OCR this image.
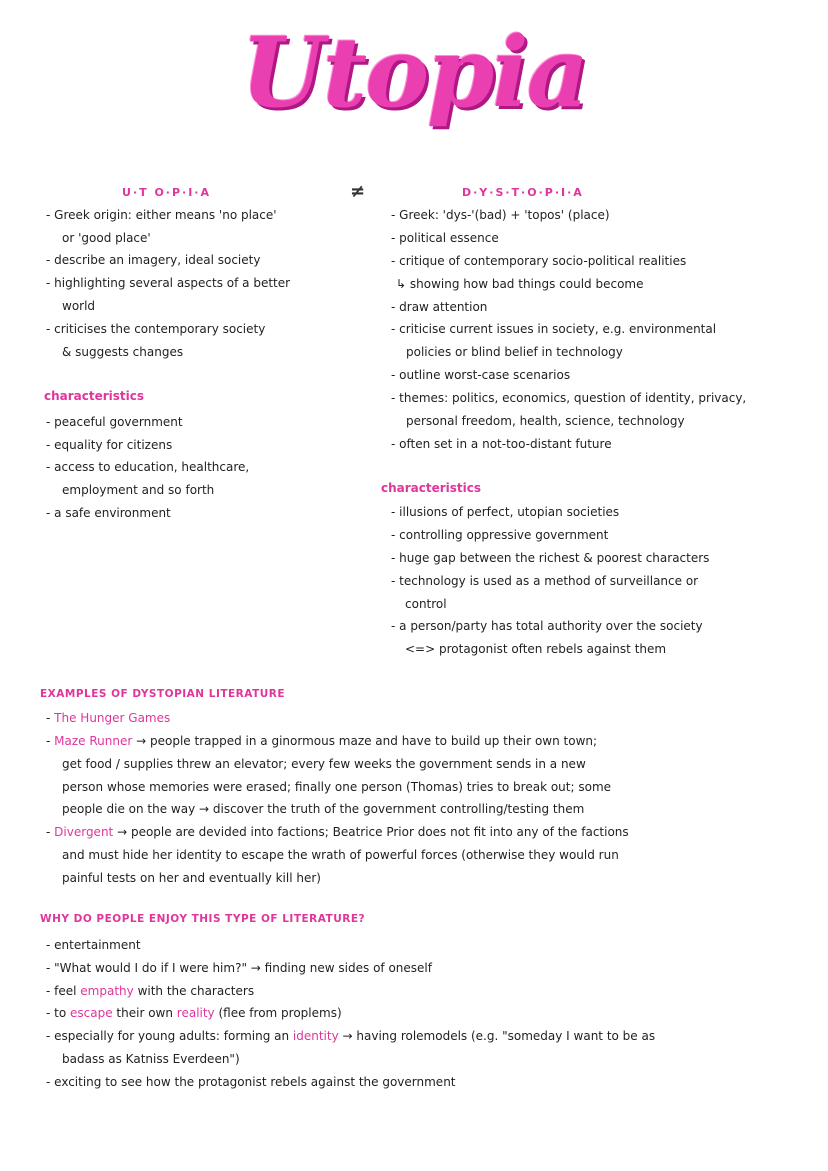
Utopia
≠
U·T O·P·I·A
- Greek origin: either means 'no place'
or 'good place'
- describe an imagery, ideal society
- highlighting several aspects of a better
world
- criticises the contemporary society
& suggests changes
characteristics
- peaceful government
- equality for citizens
- access to education, healthcare,
employment and so forth
- a safe environment
D·Y·S·T·O·P·I·A
- Greek: 'dys-'(bad) + 'topos' (place)
- political essence
- critique of contemporary socio-political realities
↳ showing how bad things could become
- draw attention
- criticise current issues in society, e.g. environmental
policies or blind belief in technology
- outline worst-case scenarios
- themes: politics, economics, question of identity, privacy,
personal freedom, health, science, technology
- often set in a not-too-distant future
characteristics
- illusions of perfect, utopian societies
- controlling oppressive government
- huge gap between the richest & poorest characters
- technology is used as a method of surveillance or
control
- a person/party has total authority over the society
<=> protagonist often rebels against them
EXAMPLES OF DYSTOPIAN LITERATURE
- The Hunger Games
- Maze Runner → people trapped in a ginormous maze and have to build up their own town;
get food / supplies threw an elevator; every few weeks the government sends in a new
person whose memories were erased; finally one person (Thomas) tries to break out; some
people die on the way → discover the truth of the government controlling/testing them
- Divergent → people are devided into factions; Beatrice Prior does not fit into any of the factions
and must hide her identity to escape the wrath of powerful forces (otherwise they would run
painful tests on her and eventually kill her)
WHY DO PEOPLE ENJOY THIS TYPE OF LITERATURE?
- entertainment
- "What would I do if I were him?" → finding new sides of oneself
- feel empathy with the characters
- to escape their own reality (flee from proplems)
- especially for young adults: forming an identity → having rolemodels (e.g. "someday I want to be as
badass as Katniss Everdeen")
- exciting to see how the protagonist rebels against the government
